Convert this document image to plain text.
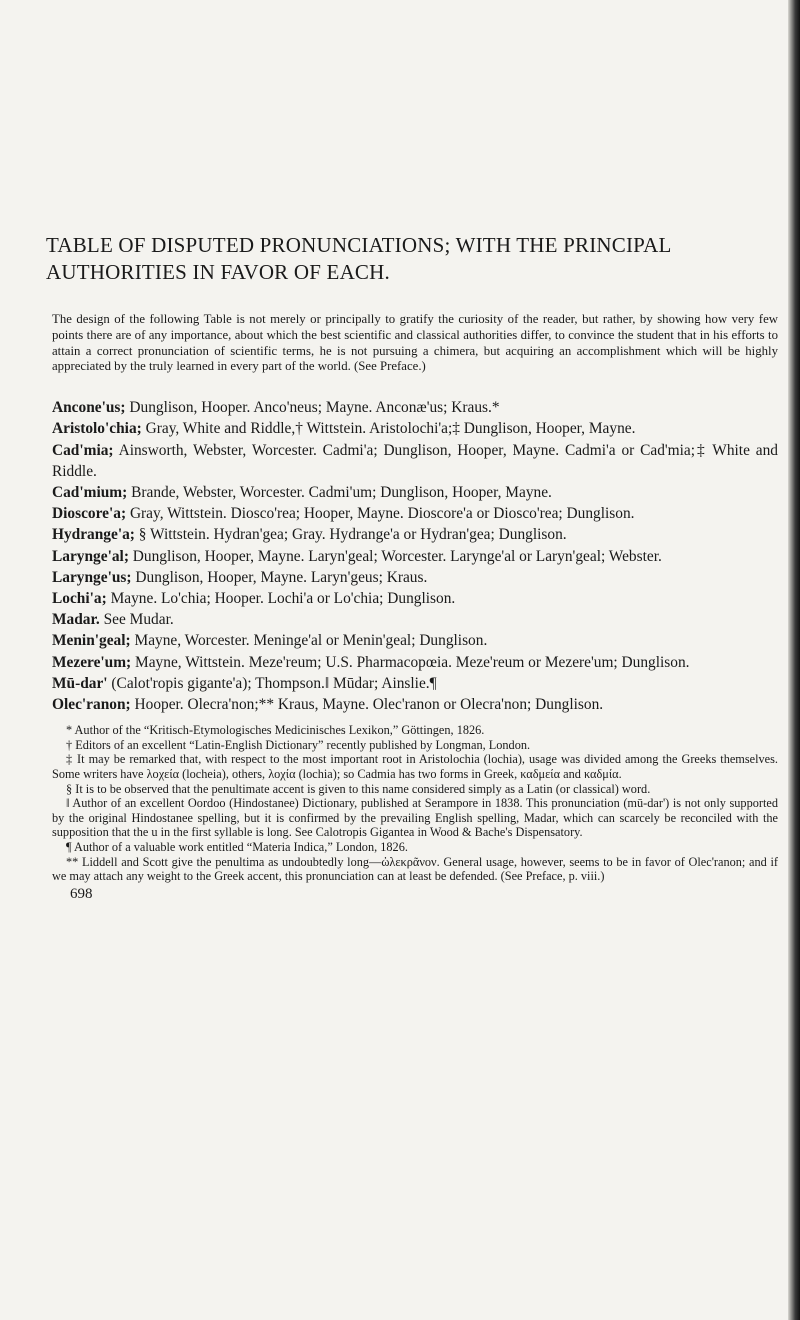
TABLE OF DISPUTED PRONUNCIATIONS; WITH THE PRINCIPAL AUTHORITIES IN FAVOR OF EACH.

The design of the following Table is not merely or principally to gratify the curiosity of the reader, but rather, by showing how very few points there are of any importance, about which the best scientific and classical authorities differ, to convince the student that in his efforts to attain a correct pronunciation of scientific terms, he is not pursuing a chimera, but acquiring an accomplishment which will be highly appreciated by the truly learned in every part of the world. (See Preface.)

Ancone'us; Dunglison, Hooper. Anco'neus; Mayne. Anconæ'us; Kraus.*

Aristolo'chia; Gray, White and Riddle,† Wittstein. Aristolochi'a;‡ Dunglison, Hooper, Mayne.

Cad'mia; Ainsworth, Webster, Worcester. Cadmi'a; Dunglison, Hooper, Mayne. Cadmi'a or Cad'mia;‡ White and Riddle.

Cad'mium; Brande, Webster, Worcester. Cadmi'um; Dunglison, Hooper, Mayne.

Dioscore'a; Gray, Wittstein. Diosco'rea; Hooper, Mayne. Dioscore'a or Diosco'rea; Dunglison.

Hydrange'a; § Wittstein. Hydran'gea; Gray. Hydrange'a or Hydran'gea; Dunglison.

Larynge'al; Dunglison, Hooper, Mayne. Laryn'geal; Worcester. Larynge'al or Laryn'geal; Webster.

Larynge'us; Dunglison, Hooper, Mayne. Laryn'geus; Kraus.

Lochi'a; Mayne. Lo'chia; Hooper. Lochi'a or Lo'chia; Dunglison.

Madar. See Mudar.

Menin'geal; Mayne, Worcester. Meninge'al or Menin'geal; Dunglison.

Mezere'um; Mayne, Wittstein. Meze'reum; U.S. Pharmacopœia. Meze'reum or Mezere'um; Dunglison.

Mū-dar' (Calot'ropis gigante'a); Thompson.‖ Mūdar; Ainslie.¶

Olec'ranon; Hooper. Olecra'non;** Kraus, Mayne. Olec'ranon or Olecra'non; Dunglison.

* Author of the “Kritisch-Etymologisches Medicinisches Lexikon,” Göttingen, 1826.

† Editors of an excellent “Latin-English Dictionary” recently published by Longman, London.

‡ It may be remarked that, with respect to the most important root in Aristolochia (lochia), usage was divided among the Greeks themselves. Some writers have λοχεία (locheia), others, λοχία (lochia); so Cadmia has two forms in Greek, καδμεία and καδμία.

§ It is to be observed that the penultimate accent is given to this name considered simply as a Latin (or classical) word.

‖ Author of an excellent Oordoo (Hindostanee) Dictionary, published at Serampore in 1838. This pronunciation (mū-dar') is not only supported by the original Hindostanee spelling, but it is confirmed by the prevailing English spelling, Madar, which can scarcely be reconciled with the supposition that the u in the first syllable is long. See Calotropis Gigantea in Wood & Bache's Dispensatory.

¶ Author of a valuable work entitled “Materia Indica,” London, 1826.

** Liddell and Scott give the penultima as undoubtedly long—ὠλεκρᾶνον. General usage, however, seems to be in favor of Olec'ranon; and if we may attach any weight to the Greek accent, this pronunciation can at least be defended. (See Preface, p. viii.)

698
